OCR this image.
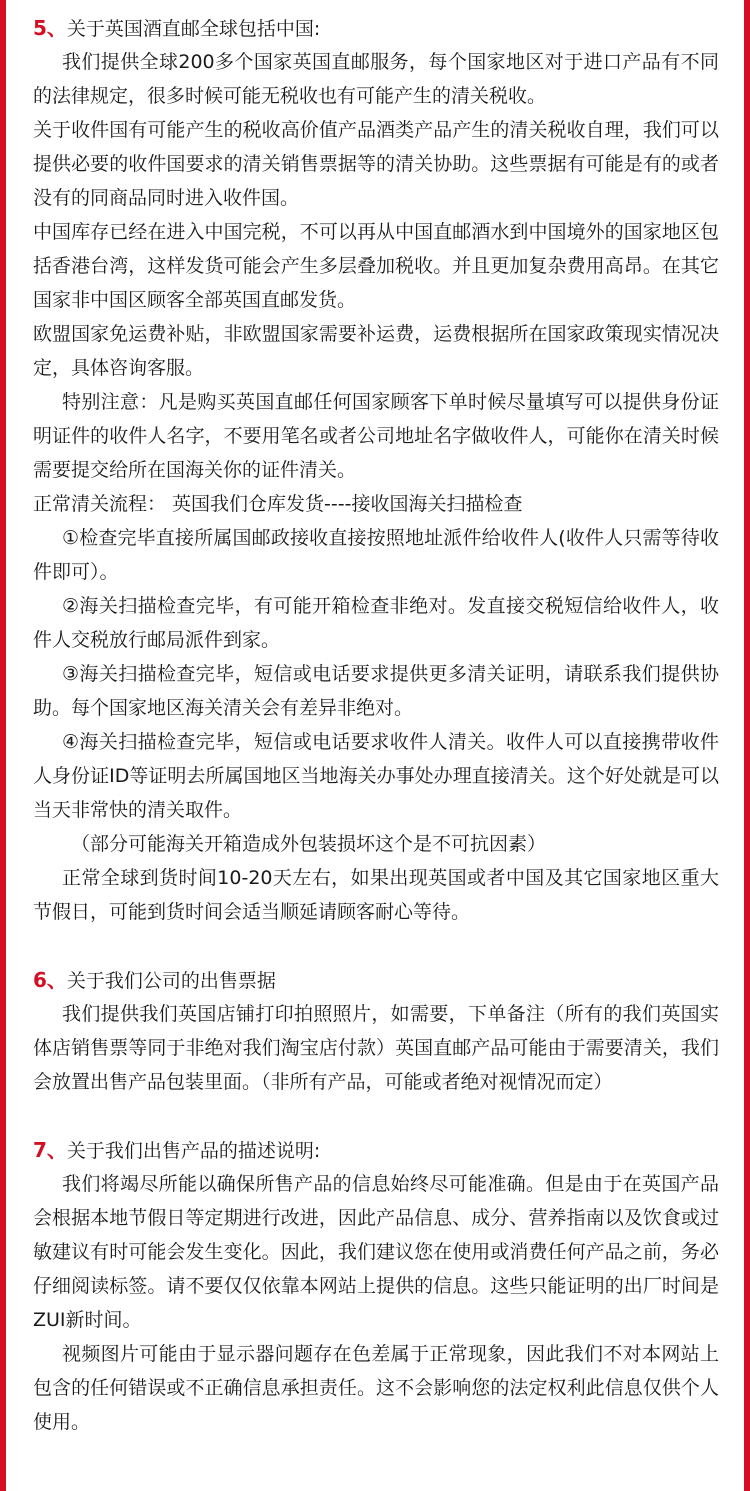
5、关于英国酒直邮全球包括中国:

我们提供全球200多个国家英国直邮服务，每个国家地区对于进口产品有不同的法律规定，很多时候可能无税收也有可能产生的清关税收。

关于收件国有可能产生的税收高价值产品酒类产品产生的清关税收自理，我们可以提供必要的收件国要求的清关销售票据等的清关协助。这些票据有可能是有的或者没有的同商品同时进入收件国。

中国库存已经在进入中国完税，不可以再从中国直邮酒水到中国境外的国家地区包括香港台湾，这样发货可能会产生多层叠加税收。并且更加复杂费用高昂。在其它国家非中国区顾客全部英国直邮发货。

欧盟国家免运费补贴，非欧盟国家需要补运费，运费根据所在国家政策现实情况决定，具体咨询客服。

特别注意：凡是购买英国直邮任何国家顾客下单时候尽量填写可以提供身份证明证件的收件人名字，不要用笔名或者公司地址名字做收件人，可能你在清关时候需要提交给所在国海关你的证件清关。

正常清关流程： 英国我们仓库发货----接收国海关扫描检查

①检查完毕直接所属国邮政接收直接按照地址派件给收件人(收件人只需等待收件即可）。

②海关扫描检查完毕，有可能开箱检查非绝对。发直接交税短信给收件人，收件人交税放行邮局派件到家。

③海关扫描检查完毕，短信或电话要求提供更多清关证明，请联系我们提供协助。每个国家地区海关清关会有差异非绝对。

④海关扫描检查完毕，短信或电话要求收件人清关。收件人可以直接携带收件人身份证ID等证明去所属国地区当地海关办事处办理直接清关。这个好处就是可以当天非常快的清关取件。

（部分可能海关开箱造成外包装损坏这个是不可抗因素）

正常全球到货时间10-20天左右，如果出现英国或者中国及其它国家地区重大节假日，可能到货时间会适当顺延请顾客耐心等待。

6、关于我们公司的出售票据

我们提供我们英国店铺打印拍照照片，如需要，下单备注（所有的我们英国实体店销售票等同于非绝对我们淘宝店付款）英国直邮产品可能由于需要清关，我们会放置出售产品包装里面。（非所有产品，可能或者绝对视情况而定）

7、关于我们出售产品的描述说明:

我们将竭尽所能以确保所售产品的信息始终尽可能准确。但是由于在英国产品会根据本地节假日等定期进行改进，因此产品信息、成分、营养指南以及饮食或过敏建议有时可能会发生变化。因此，我们建议您在使用或消费任何产品之前，务必仔细阅读标签。请不要仅仅依靠本网站上提供的信息。这些只能证明的出厂时间是ZUI新时间。

视频图片可能由于显示器问题存在色差属于正常现象，因此我们不对本网站上包含的任何错误或不正确信息承担责任。这不会影响您的法定权利此信息仅供个人使用。
